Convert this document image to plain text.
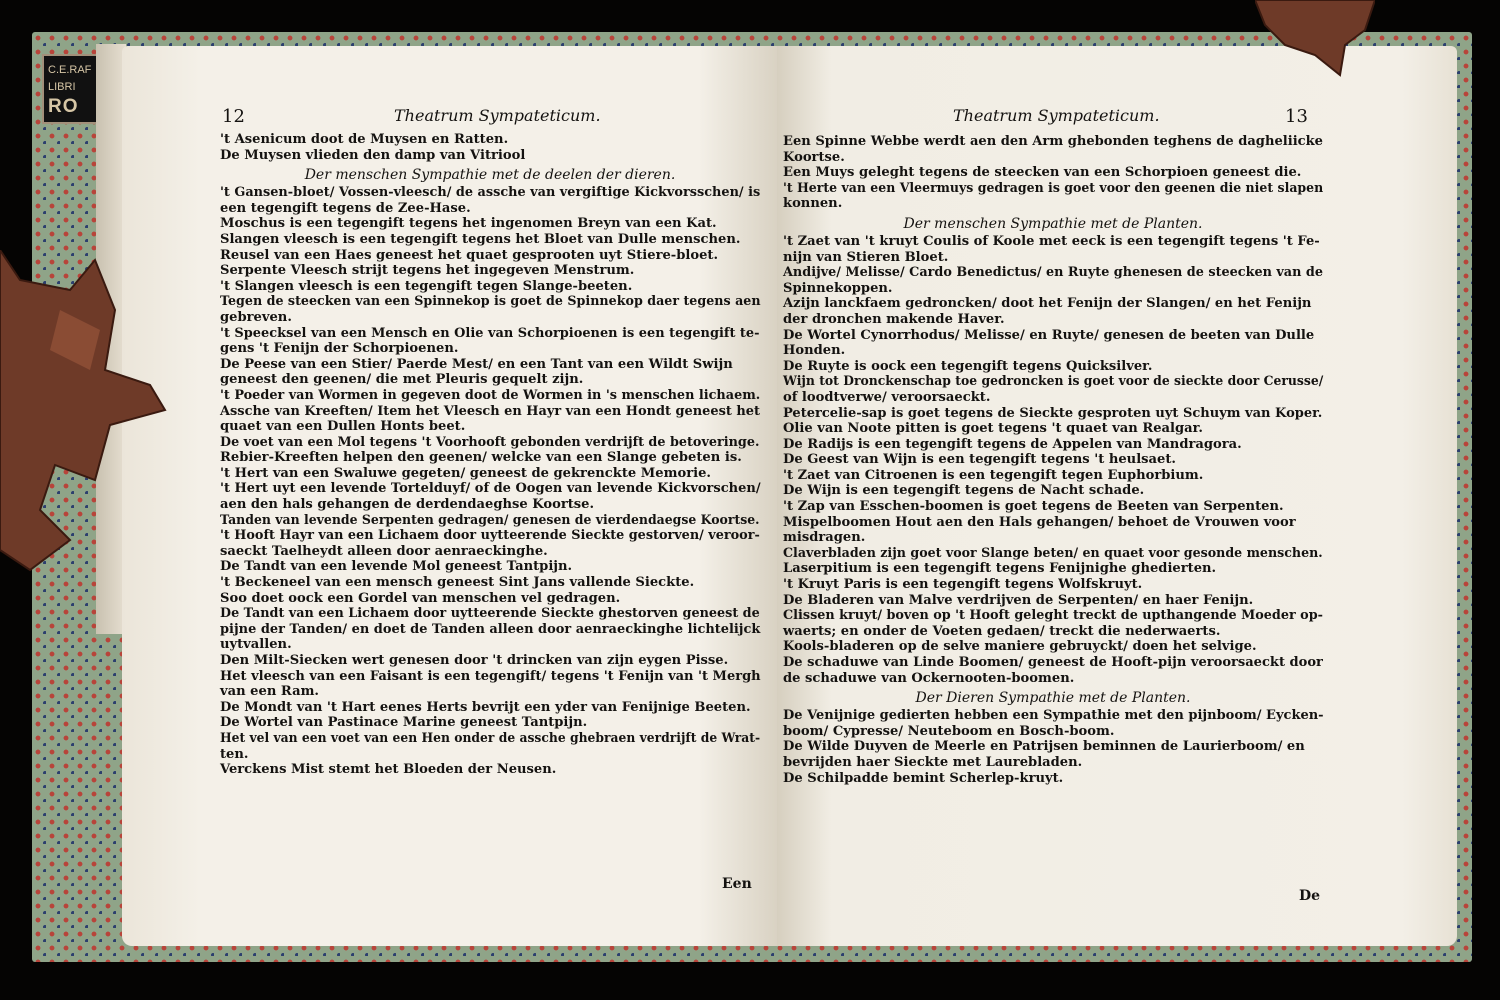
C.E.RAF
LIBRI
RO	12	Theatrum Sympateticum.
't Asenicum doot de Muysen en Ratten.
De Muysen vlieden den damp van Vitriool
Der menschen Sympathie met de deelen der dieren.
't Gansen-bloet/ Vossen-vleesch/ de assche van vergiftige Kickvorsschen/ is
een tegengift tegens de Zee-Hase.
Moschus is een tegengift tegens het ingenomen Breyn van een Kat.
Slangen vleesch is een tegengift tegens het Bloet van Dulle menschen.
Reusel van een Haes geneest het quaet gesprooten uyt Stiere-bloet.
Serpente Vleesch strijt tegens het ingegeven Menstrum.
't Slangen vleesch is een tegengift tegen Slange-beeten.
Tegen de steecken van een Spinnekop is goet de Spinnekop daer tegens aen
gebreven.
't Speecksel van een Mensch en Olie van Schorpioenen is een tegengift te-
gens 't Fenijn der Schorpioenen.
De Peese van een Stier/ Paerde Mest/ en een Tant van een Wildt Swijn
geneest den geenen/ die met Pleuris gequelt zijn.
't Poeder van Wormen in gegeven doot de Wormen in 's menschen lichaem.
Assche van Kreeften/ Item het Vleesch en Hayr van een Hondt geneest het
quaet van een Dullen Honts beet.
De voet van een Mol tegens 't Voorhooft gebonden verdrijft de betoveringe.
Rebier-Kreeften helpen den geenen/ welcke van een Slange gebeten is.
't Hert van een Swaluwe gegeten/ geneest de gekrenckte Memorie.
't Hert uyt een levende Tortelduyf/ of de Oogen van levende Kickvorschen/
aen den hals gehangen de derdendaeghse Koortse.
Tanden van levende Serpenten gedragen/ genesen de vierdendaegse Koortse.
't Hooft Hayr van een Lichaem door uytteerende Sieckte gestorven/ veroor-
saeckt Taelheydt alleen door aenraeckinghe.
De Tandt van een levende Mol geneest Tantpijn.
't Beckeneel van een mensch geneest Sint Jans vallende Sieckte.
Soo doet oock een Gordel van menschen vel gedragen.
De Tandt van een Lichaem door uytteerende Sieckte ghestorven geneest de
pijne der Tanden/ en doet de Tanden alleen door aenraeckinghe lichtelijck
uytvallen.
Den Milt-Siecken wert genesen door 't drincken van zijn eygen Pisse.
Het vleesch van een Faisant is een tegengift/ tegens 't Fenijn van 't Mergh
van een Ram.
De Mondt van 't Hart eenes Herts bevrijt een yder van Fenijnige Beeten.
De Wortel van Pastinace Marine geneest Tantpijn.
Het vel van een voet van een Hen onder de assche ghebraen verdrijft de Wrat-
ten.
Verckens Mist stemt het Bloeden der Neusen.
Een
Theatrum Sympateticum.	13
Een Spinne Webbe werdt aen den Arm ghebonden teghens de dagheliicke
Koortse.
Een Muys geleght tegens de steecken van een Schorpioen geneest die.
't Herte van een Vleermuys gedragen is goet voor den geenen die niet slapen
konnen.
Der menschen Sympathie met de Planten.
't Zaet van 't kruyt Coulis of Koole met eeck is een tegengift tegens 't Fe-
nijn van Stieren Bloet.
Andijve/ Melisse/ Cardo Benedictus/ en Ruyte ghenesen de steecken van de
Spinnekoppen.
Azijn lanckfaem gedroncken/ doot het Fenijn der Slangen/ en het Fenijn
der dronchen makende Haver.
De Wortel Cynorrhodus/ Melisse/ en Ruyte/ genesen de beeten van Dulle
Honden.
De Ruyte is oock een tegengift tegens Quicksilver.
Wijn tot Dronckenschap toe gedroncken is goet voor de sieckte door Cerusse/
of loodtverwe/ veroorsaeckt.
Petercelie-sap is goet tegens de Sieckte gesproten uyt Schuym van Koper.
Olie van Noote pitten is goet tegens 't quaet van Realgar.
De Radijs is een tegengift tegens de Appelen van Mandragora.
De Geest van Wijn is een tegengift tegens 't heulsaet.
't Zaet van Citroenen is een tegengift tegen Euphorbium.
De Wijn is een tegengift tegens de Nacht schade.
't Zap van Esschen-boomen is goet tegens de Beeten van Serpenten.
Mispelboomen Hout aen den Hals gehangen/ behoet de Vrouwen voor
misdragen.
Claverbladen zijn goet voor Slange beten/ en quaet voor gesonde menschen.
Laserpitium is een tegengift tegens Fenijnighe ghedierten.
't Kruyt Paris is een tegengift tegens Wolfskruyt.
De Bladeren van Malve verdrijven de Serpenten/ en haer Fenijn.
Clissen kruyt/ boven op 't Hooft geleght treckt de upthangende Moeder op-
waerts; en onder de Voeten gedaen/ treckt die nederwaerts.
Kools-bladeren op de selve maniere gebruyckt/ doen het selvige.
De schaduwe van Linde Boomen/ geneest de Hooft-pijn veroorsaeckt door
de schaduwe van Ockernooten-boomen.
Der Dieren Sympathie met de Planten.
De Venijnige gedierten hebben een Sympathie met den pijnboom/ Eycken-
boom/ Cypresse/ Neuteboom en Bosch-boom.
De Wilde Duyven de Meerle en Patrijsen beminnen de Laurierboom/ en
bevrijden haer Sieckte met Laurebladen.
De Schilpadde bemint Scherlep-kruyt.
De
